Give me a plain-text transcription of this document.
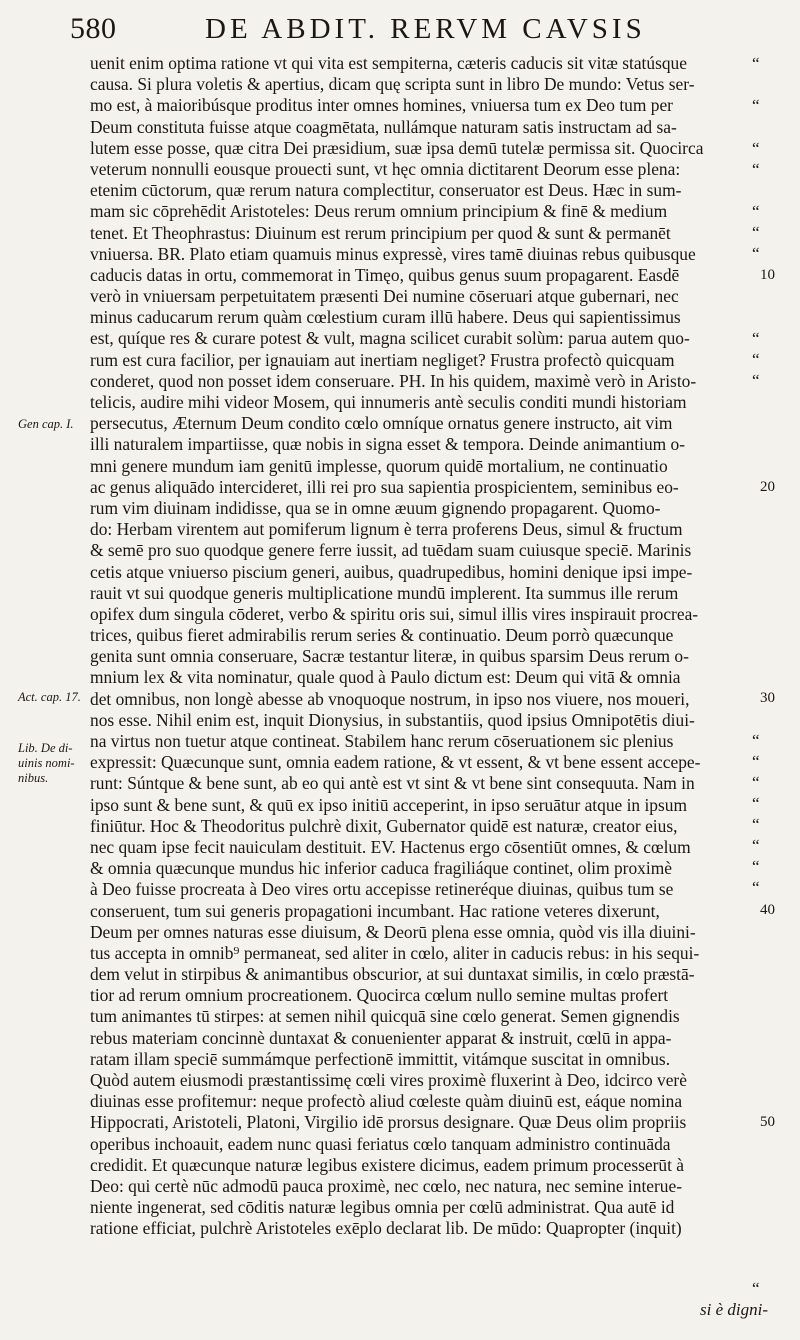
580	DE ABDIT. RERVM CAVSIS
uenit enim optima ratione vt qui vita est sempiterna, cæteris caducis sit vitæ statúsque
causa. Si plura voletis & apertius, dicam quę scripta sunt in libro De mundo: Vetus ser-
mo est, à maioribúsque proditus inter omnes homines, vniuersa tum ex Deo tum per
Deum constituta fuisse atque coagmētata, nullámque naturam satis instructam ad sa-
lutem esse posse, quæ citra Dei præsidium, suæ ipsa demū tutelæ permissa sit. Quocirca
veterum nonnulli eousque prouecti sunt, vt hęc omnia dictitarent Deorum esse plena:
etenim cūctorum, quæ rerum natura complectitur, conseruator est Deus. Hæc in sum-
mam sic cōprehēdit Aristoteles: Deus rerum omnium principium & finē & medium
tenet. Et Theophrastus: Diuinum est rerum principium per quod & sunt & permanēt
vniuersa. BR. Plato etiam quamuis minus expressè, vires tamē diuinas rebus quibusque
caducis datas in ortu, commemorat in Timęo, quibus genus suum propagarent. Easdē
verò in vniuersam perpetuitatem præsenti Dei numine cōseruari atque gubernari, nec
minus caducarum rerum quàm cœlestium curam illū habere. Deus qui sapientissimus
est, quíque res & curare potest & vult, magna scilicet curabit solùm: parua autem quo-
rum est cura facilior, per ignauiam aut inertiam negliget? Frustra profectò quicquam
conderet, quod non posset idem conseruare. PH. In his quidem, maximè verò in Aristo-
telicis, audire mihi videor Mosem, qui innumeris antè seculis conditi mundi historiam
persecutus, Æternum Deum condito cœlo omníque ornatus genere instructo, ait vim
illi naturalem impartiisse, quæ nobis in signa esset & tempora. Deinde animantium o-
mni genere mundum iam genitū implesse, quorum quidē mortalium, ne continuatio
ac genus aliquādo intercideret, illi rei pro sua sapientia prospicientem, seminibus eo-
rum vim diuinam indidisse, qua se in omne æuum gignendo propagarent. Quomo-
do: Herbam virentem aut pomiferum lignum è terra proferens Deus, simul & fructum
& semē pro suo quodque genere ferre iussit, ad tuēdam suam cuiusque speciē. Marinis
cetis atque vniuerso piscium generi, auibus, quadrupedibus, homini denique ipsi impe-
rauit vt sui quodque generis multiplicatione mundū implerent. Ita summus ille rerum
opifex dum singula cōderet, verbo & spiritu oris sui, simul illis vires inspirauit procrea-
trices, quibus fieret admirabilis rerum series & continuatio. Deum porrò quæcunque
genita sunt omnia conseruare, Sacræ testantur literæ, in quibus sparsim Deus rerum o-
mnium lex & vita nominatur, quale quod à Paulo dictum est: Deum qui vitā & omnia
det omnibus, non longè abesse ab vnoquoque nostrum, in ipso nos viuere, nos moueri,
nos esse. Nihil enim est, inquit Dionysius, in substantiis, quod ipsius Omnipotētis diui-
na virtus non tuetur atque contineat. Stabilem hanc rerum cōseruationem sic plenius
expressit: Quæcunque sunt, omnia eadem ratione, & vt essent, & vt bene essent accepe-
runt: Súntque & bene sunt, ab eo qui antè est vt sint & vt bene sint consequuta. Nam in
ipso sunt & bene sunt, & quū ex ipso initiū acceperint, in ipso seruātur atque in ipsum
finiūtur. Hoc & Theodoritus pulchrè dixit, Gubernator quidē est naturæ, creator eius,
nec quam ipse fecit nauiculam destituit. EV. Hactenus ergo cōsentiūt omnes, & cœlum
& omnia quæcunque mundus hic inferior caduca fragiliáque continet, olim proximè
à Deo fuisse procreata à Deo vires ortu accepisse retineréque diuinas, quibus tum se
conseruent, tum sui generis propagationi incumbant. Hac ratione veteres dixerunt,
Deum per omnes naturas esse diuisum, & Deorū plena esse omnia, quòd vis illa diuini-
tus accepta in omnib⁹ permaneat, sed aliter in cœlo, aliter in caducis rebus: in his sequi-
dem velut in stirpibus & animantibus obscurior, at sui duntaxat similis, in cœlo præstā-
tior ad rerum omnium procreationem. Quocirca cœlum nullo semine multas profert
tum animantes tū stirpes: at semen nihil quicquā sine cœlo generat. Semen gignendis
rebus materiam concinnè duntaxat & conuenienter apparat & instruit, cœlū in appa-
ratam illam speciē summámque perfectionē immittit, vitámque suscitat in omnibus.
Quòd autem eiusmodi præstantissimę cœli vires proximè fluxerint à Deo, idcirco verè
diuinas esse profitemur: neque profectò aliud cœleste quàm diuinū est, eáque nomina
Hippocrati, Aristoteli, Platoni, Virgilio idē prorsus designare. Quæ Deus olim propriis
operibus inchoauit, eadem nunc quasi feriatus cœlo tanquam administro continuāda
credidit. Et quæcunque naturæ legibus existere dicimus, eadem primum processerūt à
Deo: qui certè nūc admodū pauca proximè, nec cœlo, nec natura, nec semine interue-
niente ingenerat, sed cōditis naturæ legibus omnia per cœlū administrat. Qua autē id
ratione efficiat, pulchrè Aristoteles exēplo declarat lib. De mūdo: Quapropter (inquit)
“
“
“
“
“
“
“
“
“
“
“
“
“
“
“
“
“
“
“
10
20
30
40
50
Gen cap. I.
Act. cap. 17.
Lib. De di-
uinis nomi-
nibus.
si è digni-
